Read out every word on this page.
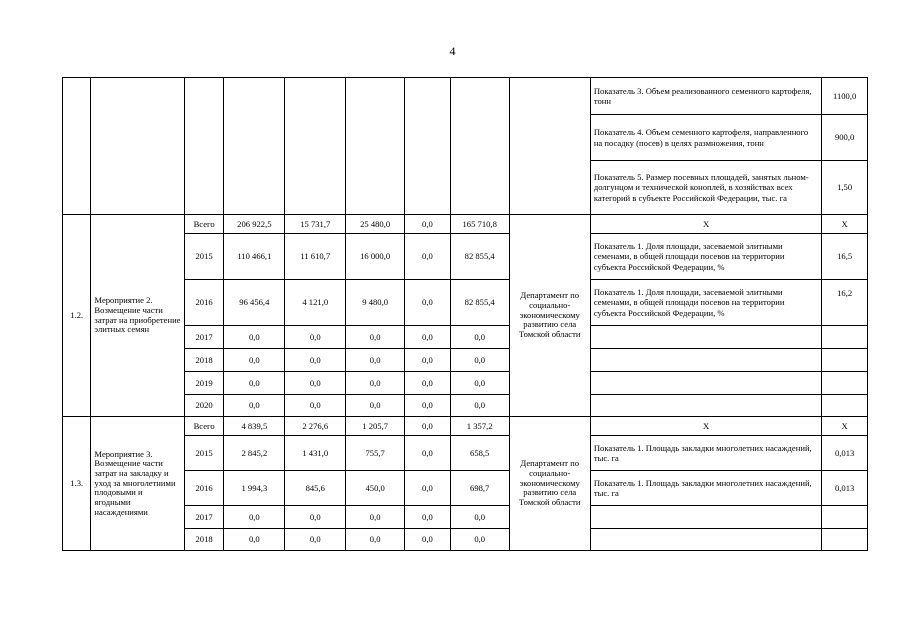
4
									Показатель 3. Объем реализованного семенного картофеля, тонн	1100,0
									Показатель 4. Объем семенного картофеля, направленного на посадку (посев) в целях размножения, тонн	900,0
									Показатель 5. Размер посевных площадей, занятых льном-долгунцом и технической коноплей, в хозяйствах всех категорий в субъекте Российской Федерации, тыс. га	1,50
1.2.	Мероприятие 2. Возмещение части затрат на приобретение элитных семян	Всего	206 922,5	15 731,7	25 480,0	0,0	165 710,8	Департамент по социально-экономическому развитию села Томской области	Х	Х
		2015	110 466,1	11 610,7	16 000,0	0,0	82 855,4		Показатель 1. Доля площади, засеваемой элитными семенами, в общей площади посевов на территории субъекта Российской Федерации, %	16,5
		2016	96 456,4	4 121,0	9 480,0	0,0	82 855,4		Показатель 1. Доля площади, засеваемой элитными семенами, в общей площади посевов на территории субъекта Российской Федерации, %	16,2
		2017	0,0	0,0	0,0	0,0	0,0			
		2018	0,0	0,0	0,0	0,0	0,0			
		2019	0,0	0,0	0,0	0,0	0,0			
		2020	0,0	0,0	0,0	0,0	0,0			
1.3.	Мероприятие 3. Возмещение части затрат на закладку и уход за многолетними плодовыми и ягодными насаждениями	Всего	4 839,5	2 276,6	1 205,7	0,0	1 357,2	Департамент по социально-экономическому развитию села Томской области	Х	Х
		2015	2 845,2	1 431,0	755,7	0,0	658,5		Показатель 1. Площадь закладки многолетних насаждений, тыс. га	0,013
		2016	1 994,3	845,6	450,0	0,0	698,7		Показатель 1. Площадь закладки многолетних насаждений, тыс. га	0,013
		2017	0,0	0,0	0,0	0,0	0,0			
		2018	0,0	0,0	0,0	0,0	0,0			
